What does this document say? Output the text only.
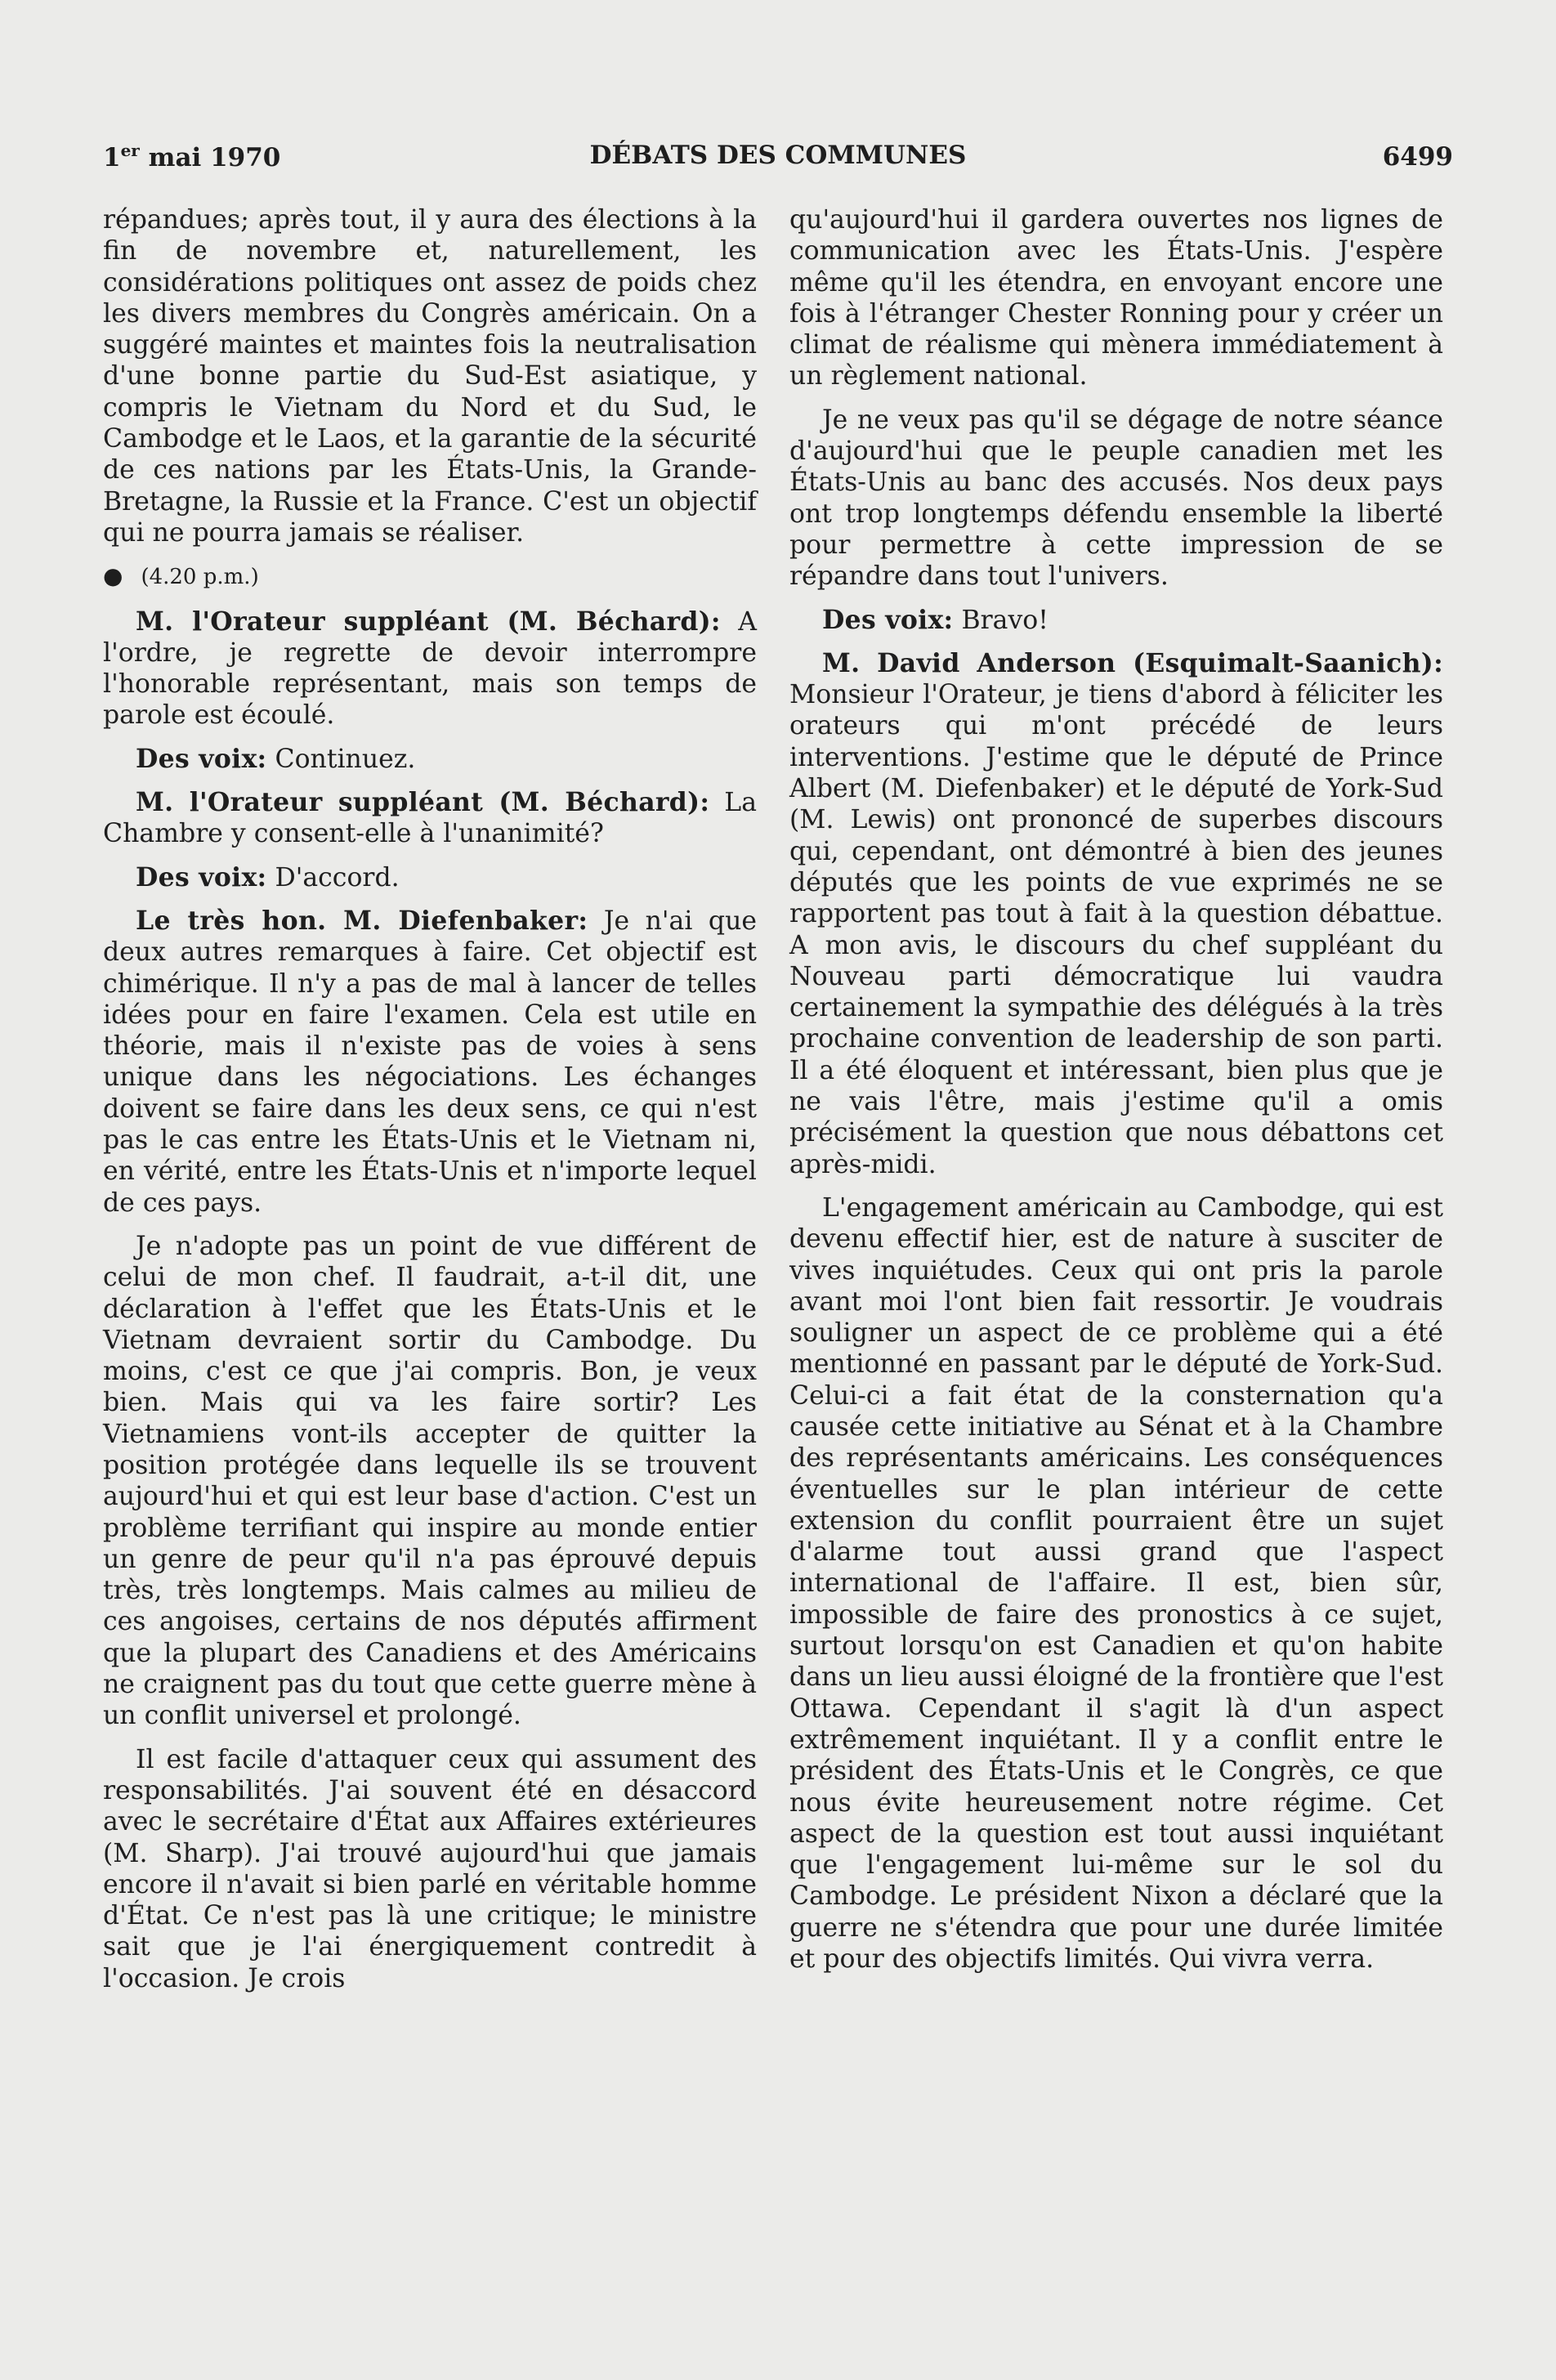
1er mai 1970	DÉBATS DES COMMUNES	6499

répandues; après tout, il y aura des élections à la fin de novembre et, naturellement, les considérations politiques ont assez de poids chez les divers membres du Congrès américain. On a suggéré maintes et maintes fois la neutralisation d'une bonne partie du Sud-Est asiatique, y compris le Vietnam du Nord et du Sud, le Cambodge et le Laos, et la garantie de la sécurité de ces nations par les États-Unis, la Grande-Bretagne, la Russie et la France. C'est un objectif qui ne pourra jamais se réaliser.

● (4.20 p.m.)

M. l'Orateur suppléant (M. Béchard): A l'ordre, je regrette de devoir interrompre l'honorable représentant, mais son temps de parole est écoulé.

Des voix: Continuez.

M. l'Orateur suppléant (M. Béchard): La Chambre y consent-elle à l'unanimité?

Des voix: D'accord.

Le très hon. M. Diefenbaker: Je n'ai que deux autres remarques à faire. Cet objectif est chimérique. Il n'y a pas de mal à lancer de telles idées pour en faire l'examen. Cela est utile en théorie, mais il n'existe pas de voies à sens unique dans les négociations. Les échanges doivent se faire dans les deux sens, ce qui n'est pas le cas entre les États-Unis et le Vietnam ni, en vérité, entre les États-Unis et n'importe lequel de ces pays.

Je n'adopte pas un point de vue différent de celui de mon chef. Il faudrait, a-t-il dit, une déclaration à l'effet que les États-Unis et le Vietnam devraient sortir du Cambodge. Du moins, c'est ce que j'ai compris. Bon, je veux bien. Mais qui va les faire sortir? Les Vietnamiens vont-ils accepter de quitter la position protégée dans lequelle ils se trouvent aujourd'hui et qui est leur base d'action. C'est un problème terrifiant qui inspire au monde entier un genre de peur qu'il n'a pas éprouvé depuis très, très longtemps. Mais calmes au milieu de ces angoises, certains de nos députés affirment que la plupart des Canadiens et des Américains ne craignent pas du tout que cette guerre mène à un conflit universel et prolongé.

Il est facile d'attaquer ceux qui assument des responsabilités. J'ai souvent été en désaccord avec le secrétaire d'État aux Affaires extérieures (M. Sharp). J'ai trouvé aujourd'hui que jamais encore il n'avait si bien parlé en véritable homme d'État. Ce n'est pas là une critique; le ministre sait que je l'ai énergiquement contredit à l'occasion. Je crois

qu'aujourd'hui il gardera ouvertes nos lignes de communication avec les États-Unis. J'espère même qu'il les étendra, en envoyant encore une fois à l'étranger Chester Ronning pour y créer un climat de réalisme qui mènera immédiatement à un règlement national.

Je ne veux pas qu'il se dégage de notre séance d'aujourd'hui que le peuple canadien met les États-Unis au banc des accusés. Nos deux pays ont trop longtemps défendu ensemble la liberté pour permettre à cette impression de se répandre dans tout l'univers.

Des voix: Bravo!

M. David Anderson (Esquimalt-Saanich): Monsieur l'Orateur, je tiens d'abord à féliciter les orateurs qui m'ont précédé de leurs interventions. J'estime que le député de Prince Albert (M. Diefenbaker) et le député de York-Sud (M. Lewis) ont prononcé de superbes discours qui, cependant, ont démontré à bien des jeunes députés que les points de vue exprimés ne se rapportent pas tout à fait à la question débattue. A mon avis, le discours du chef suppléant du Nouveau parti démocratique lui vaudra certainement la sympathie des délégués à la très prochaine convention de leadership de son parti. Il a été éloquent et intéressant, bien plus que je ne vais l'être, mais j'estime qu'il a omis précisément la question que nous débattons cet après-midi.

L'engagement américain au Cambodge, qui est devenu effectif hier, est de nature à susciter de vives inquiétudes. Ceux qui ont pris la parole avant moi l'ont bien fait ressortir. Je voudrais souligner un aspect de ce problème qui a été mentionné en passant par le député de York-Sud. Celui-ci a fait état de la consternation qu'a causée cette initiative au Sénat et à la Chambre des représentants américains. Les conséquences éventuelles sur le plan intérieur de cette extension du conflit pourraient être un sujet d'alarme tout aussi grand que l'aspect international de l'affaire. Il est, bien sûr, impossible de faire des pronostics à ce sujet, surtout lorsqu'on est Canadien et qu'on habite dans un lieu aussi éloigné de la frontière que l'est Ottawa. Cependant il s'agit là d'un aspect extrêmement inquiétant. Il y a conflit entre le président des États-Unis et le Congrès, ce que nous évite heureusement notre régime. Cet aspect de la question est tout aussi inquiétant que l'engagement lui-même sur le sol du Cambodge. Le président Nixon a déclaré que la guerre ne s'étendra que pour une durée limitée et pour des objectifs limités. Qui vivra verra.
